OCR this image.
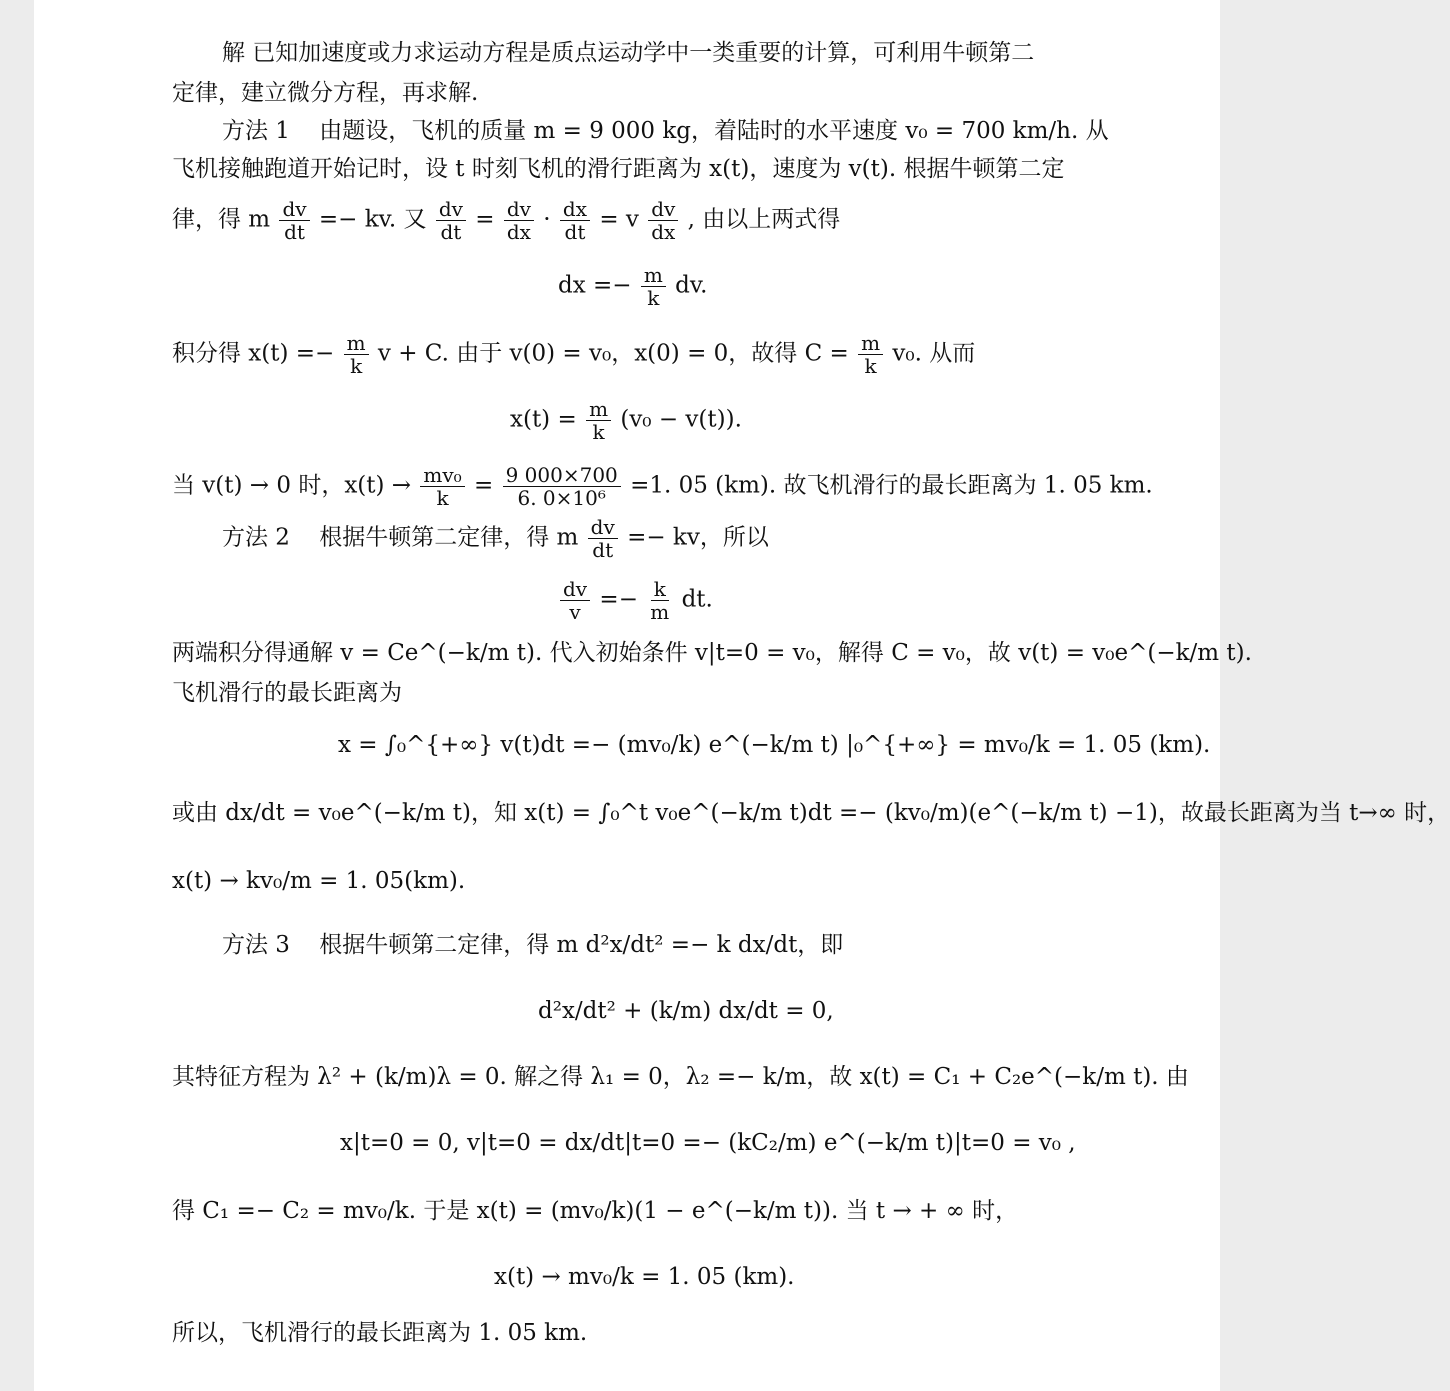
解 已知加速度或力求运动方程是质点运动学中一类重要的计算，可利用牛顿第二
定律，建立微分方程，再求解.
方法 1 由题设，飞机的质量 m = 9 000 kg，着陆时的水平速度 v₀ = 700 km/h. 从
飞机接触跑道开始记时，设 t 时刻飞机的滑行距离为 x(t)，速度为 v(t). 根据牛顿第二定
律，得 m $\frac{dv}{dt}$ =− kv. 又 $\frac{dv}{dt} = \frac{dv}{dx} \cdot \frac{dx}{dt} = v \frac{dv}{dx}$ , 由以上两式得
dx =− $\frac{m}{k}$ dv.
积分得 $x(t) =- \frac{m}{k}$ v + C. 由于 v(0) = v₀，x(0) = 0，故得 $C = \frac{m}{k} v_0$. 从而
$x(t) = \frac{m}{k} (v_0 - v(t))$.
当 v(t) → 0 时，$x(t) \to \frac{\text{mv₀}}{k} = \frac{9 000\times 700}{\text{6. 0×10⁶}} =1$. 05 (km). 故飞机滑行的最长距离为 1. 05 km.
方法 2 根据牛顿第二定律，得 m $\frac{dv}{dt}$ =− kv，所以
$\frac{dv}{v} =- \frac{k}{m}$ dt.
两端积分得通解 v = Ce^(−k/m t). 代入初始条件 v|t=0 = v₀，解得 C = v₀，故 v(t) = v₀e^(−k/m t).
飞机滑行的最长距离为
x = ∫₀^{+∞} v(t)dt =− (mv₀/k) e^(−k/m t) |₀^{+∞} = mv₀/k = 1. 05 (km).
或由 dx/dt = v₀e^(−k/m t)，知 x(t) = ∫₀^t v₀e^(−k/m t)dt =− (kv₀/m)(e^(−k/m t) −1)，故最长距离为当 t→∞ 时，
x(t) → kv₀/m = 1. 05(km).
方法 3 根据牛顿第二定律，得 m d²x/dt² =− k dx/dt，即
d²x/dt² + (k/m) dx/dt = 0,
其特征方程为 λ² + (k/m)λ = 0. 解之得 λ₁ = 0，λ₂ =− k/m，故 x(t) = C₁ + C₂e^(−k/m t). 由
x|t=0 = 0, v|t=0 = dx/dt|t=0 =− (kC₂/m) e^(−k/m t)|t=0 = v₀ ,
得 C₁ =− C₂ = mv₀/k. 于是 x(t) = (mv₀/k)(1 − e^(−k/m t)). 当 t → + ∞ 时，
x(t) → mv₀/k = 1. 05 (km).
所以，飞机滑行的最长距离为 1. 05 km.
